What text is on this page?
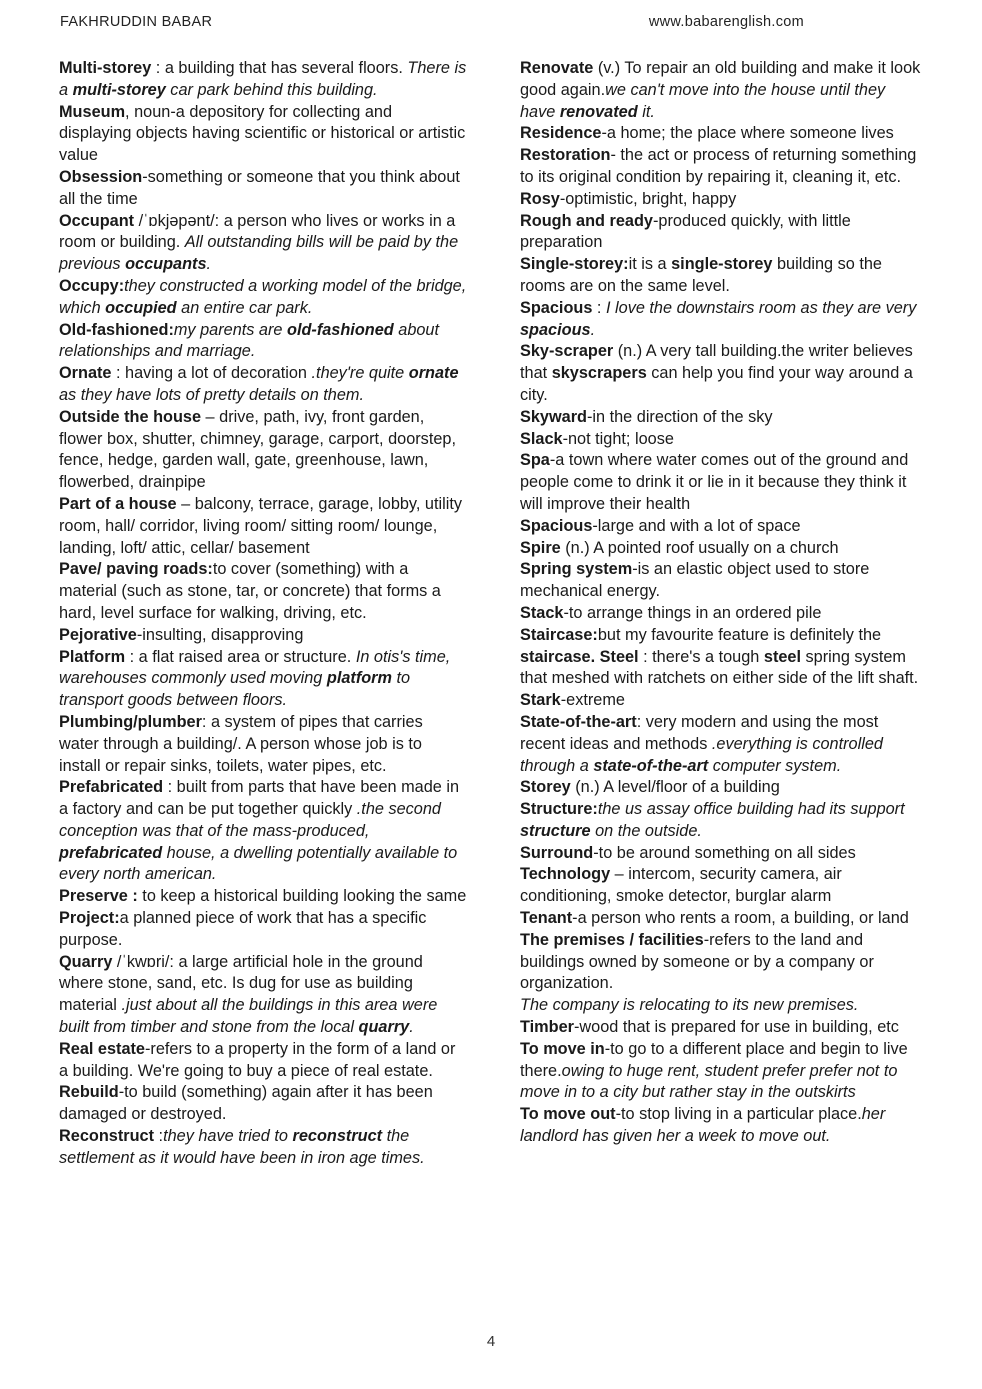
FAKHRUDDIN BABAR	www.babarenglish.com

Multi-storey : a building that has several floors. There is a multi-storey car park behind this building.

Museum, noun-a depository for collecting and displaying objects having scientific or historical or artistic value

Obsession-something or someone that you think about all the time

Occupant /ˈɒkjəpənt/: a person who lives or works in a room or building. All outstanding bills will be paid by the previous occupants.

Occupy:they constructed a working model of the bridge, which occupied an entire car park.

Old-fashioned:my parents are old-fashioned about relationships and marriage.

Ornate : having a lot of decoration .they're quite ornate as they have lots of pretty details on them.

Outside the house – drive, path, ivy, front garden, flower box, shutter, chimney, garage, carport, doorstep, fence, hedge, garden wall, gate, greenhouse, lawn, flowerbed, drainpipe

Part of a house – balcony, terrace, garage, lobby, utility room, hall/ corridor, living room/ sitting room/ lounge, landing, loft/ attic, cellar/ basement

Pave/ paving roads:to cover (something) with a material (such as stone, tar, or concrete) that forms a hard, level surface for walking, driving, etc.

Pejorative-insulting, disapproving

Platform : a flat raised area or structure. In otis's time, warehouses commonly used moving platform to transport goods between floors.

Plumbing/plumber: a system of pipes that carries water through a building/. A person whose job is to install or repair sinks, toilets, water pipes, etc.

Prefabricated : built from parts that have been made in a factory and can be put together quickly .the second conception was that of the mass-produced, prefabricated house, a dwelling potentially available to every north american.

Preserve : to keep a historical building looking the same

Project:a planned piece of work that has a specific purpose.

Quarry /ˈkwɒri/: a large artificial hole in the ground where stone, sand, etc. Is dug for use as building material .just about all the buildings in this area were built from timber and stone from the local quarry.

Real estate-refers to a property in the form of a land or a building. We're going to buy a piece of real estate.

Rebuild-to build (something) again after it has been damaged or destroyed.

Reconstruct :they have tried to reconstruct the settlement as it would have been in iron age times.

Renovate (v.) To repair an old building and make it look good again.we can't move into the house until they have renovated it.

Residence-a home; the place where someone lives

Restoration- the act or process of returning something to its original condition by repairing it, cleaning it, etc.

Rosy-optimistic, bright, happy

Rough and ready-produced quickly, with little preparation

Single-storey:it is a single-storey building so the rooms are on the same level.

Spacious : I love the downstairs room as they are very spacious.

Sky-scraper (n.) A very tall building.the writer believes that skyscrapers can help you find your way around a city.

Skyward-in the direction of the sky

Slack-not tight; loose

Spa-a town where water comes out of the ground and people come to drink it or lie in it because they think it will improve their health

Spacious-large and with a lot of space

Spire (n.) A pointed roof usually on a church

Spring system-is an elastic object used to store mechanical energy.

Stack-to arrange things in an ordered pile

Staircase:but my favourite feature is definitely the staircase. Steel : there's a tough steel spring system that meshed with ratchets on either side of the lift shaft.

Stark-extreme

State-of-the-art: very modern and using the most recent ideas and methods .everything is controlled through a state-of-the-art computer system.

Storey (n.) A level/floor of a building

Structure:the us assay office building had its support structure on the outside.

Surround-to be around something on all sides

Technology – intercom, security camera, air conditioning, smoke detector, burglar alarm

Tenant-a person who rents a room, a building, or land

The premises / facilities-refers to the land and buildings owned by someone or by a company or organization.

The company is relocating to its new premises.

Timber-wood that is prepared for use in building, etc

To move in-to go to a different place and begin to live there.owing to huge rent, student prefer prefer not to move in to a city but rather stay in the outskirts

To move out-to stop living in a particular place.her landlord has given her a week to move out.

4
